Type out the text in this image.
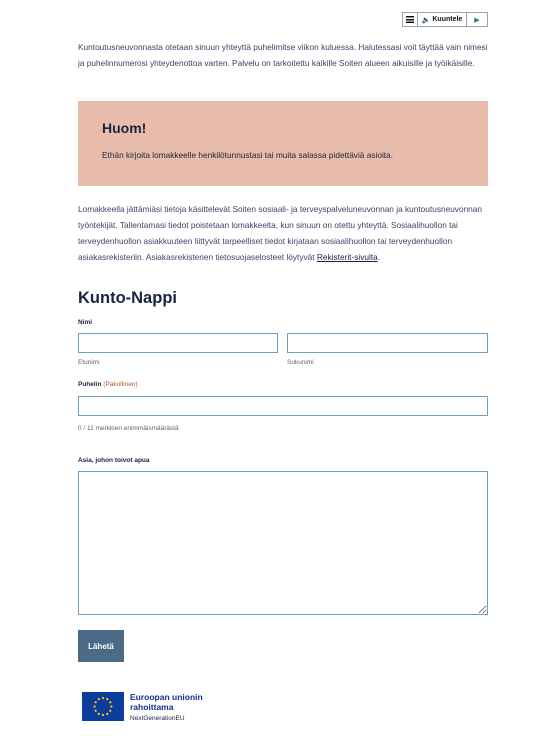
🔈 Kuuntele	▶

Kuntoutusneuvonnasta otetaan sinuun yhteyttä puhelimitse viikon kuluessa. Halutessasi voit täyttää vain nimesi ja puhelinnumerosi yhteydenottoa varten. Palvelu on tarkoitettu kaikille Soiten alueen aikuisille ja työikäisille.

Huom!

Ethän kirjoita lomakkeelle henkilötunnustasi tai muita salassa pidettäviä asioita.

Lomakkeella jättämiäsi tietoja käsittelevät Soiten sosiaali- ja terveyspalveluneuvonnan ja kuntoutusneuvonnan työntekijät. Tallentamasi tiedot poistetaan lomakkeelta, kun sinuun on otettu yhteyttä. Sosiaalihuollon tai terveydenhuollon asiakkuuteen liittyvät tarpeelliset tiedot kirjataan sosiaalihuollon tai terveydenhuollon asiakasrekisteriin. Asiakasrekisterien tietosuojaselosteet löytyvät Rekisterit-sivulta.

Kunto-Nappi
Nimi
Etunimi	Sukunimi
Puhelin (Pakollinen)
0 / 11 merkkien enimmäismäärästä
Asia, johon toivot apua
Lähetä
Euroopan unionin
rahoittama
NextGenerationEU
